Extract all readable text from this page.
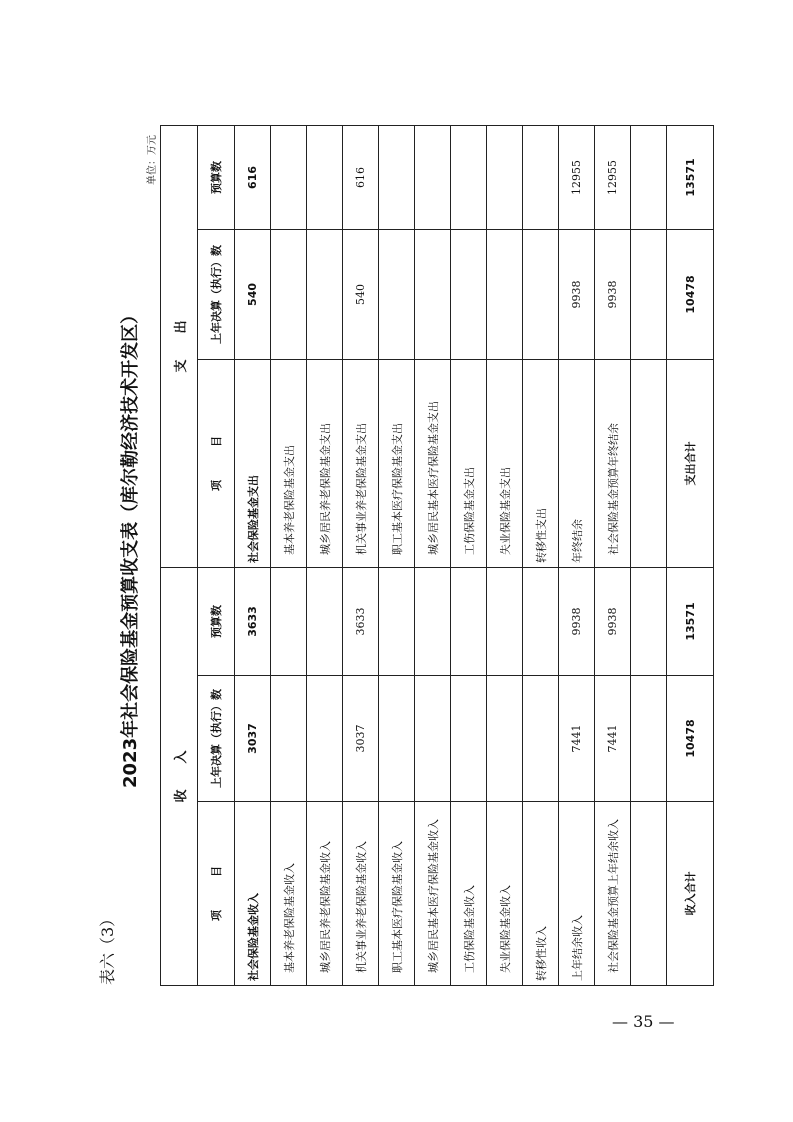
表六（3）
2023年社会保险基金预算收支表（库尔勒经济技术开发区）
单位：万元
收　　入			支　　出		
项　　　目	上年决算（执行）数	预算数	项　　　目	上年决算（执行）数	预算数
社会保险基金收入	3037	3633	社会保险基金支出	540	616
基本养老保险基金收入			基本养老保险基金支出		
城乡居民养老保险基金收入			城乡居民养老保险基金支出		
机关事业养老保险基金收入	3037	3633	机关事业养老保险基金支出	540	616
职工基本医疗保险基金收入			职工基本医疗保险基金支出		
城乡居民基本医疗保险基金收入			城乡居民基本医疗保险基金支出		
工伤保险基金收入			工伤保险基金支出		
失业保险基金收入			失业保险基金支出		
转移性收入			转移性支出		
上年结余收入	7441	9938	年终结余	9938	12955
社会保险基金预算上年结余收入	7441	9938	社会保险基金预算年终结余	9938	12955

收入合计	10478	13571	支出合计	10478	13571
— 35 —
